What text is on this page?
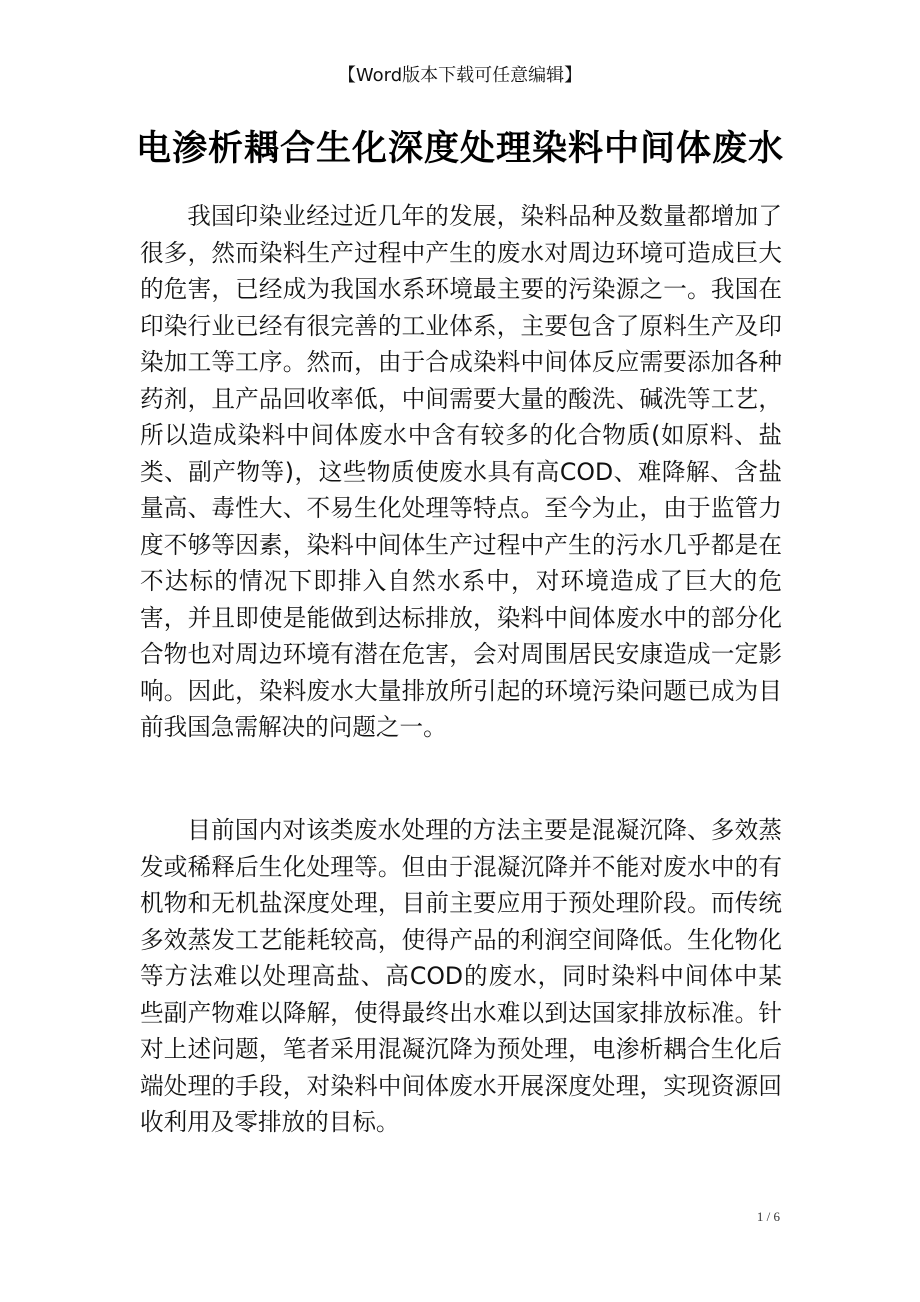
【Word版本下载可任意编辑】
电渗析耦合生化深度处理染料中间体废水

我国印染业经过近几年的发展，染料品种及数量都增加了很多，然而染料生产过程中产生的废水对周边环境可造成巨大的危害，已经成为我国水系环境最主要的污染源之一。我国在印染行业已经有很完善的工业体系，主要包含了原料生产及印染加工等工序。然而，由于合成染料中间体反应需要添加各种药剂，且产品回收率低，中间需要大量的酸洗、碱洗等工艺，所以造成染料中间体废水中含有较多的化合物质(如原料、盐类、副产物等)，这些物质使废水具有高COD、难降解、含盐量高、毒性大、不易生化处理等特点。至今为止，由于监管力度不够等因素，染料中间体生产过程中产生的污水几乎都是在不达标的情况下即排入自然水系中，对环境造成了巨大的危害，并且即使是能做到达标排放，染料中间体废水中的部分化合物也对周边环境有潜在危害，会对周围居民安康造成一定影响。因此，染料废水大量排放所引起的环境污染问题已成为目前我国急需解决的问题之一。

目前国内对该类废水处理的方法主要是混凝沉降、多效蒸发或稀释后生化处理等。但由于混凝沉降并不能对废水中的有机物和无机盐深度处理，目前主要应用于预处理阶段。而传统多效蒸发工艺能耗较高，使得产品的利润空间降低。生化物化等方法难以处理高盐、高COD的废水，同时染料中间体中某些副产物难以降解，使得最终出水难以到达国家排放标准。针对上述问题，笔者采用混凝沉降为预处理，电渗析耦合生化后端处理的手段，对染料中间体废水开展深度处理，实现资源回收利用及零排放的目标。

1 / 6
